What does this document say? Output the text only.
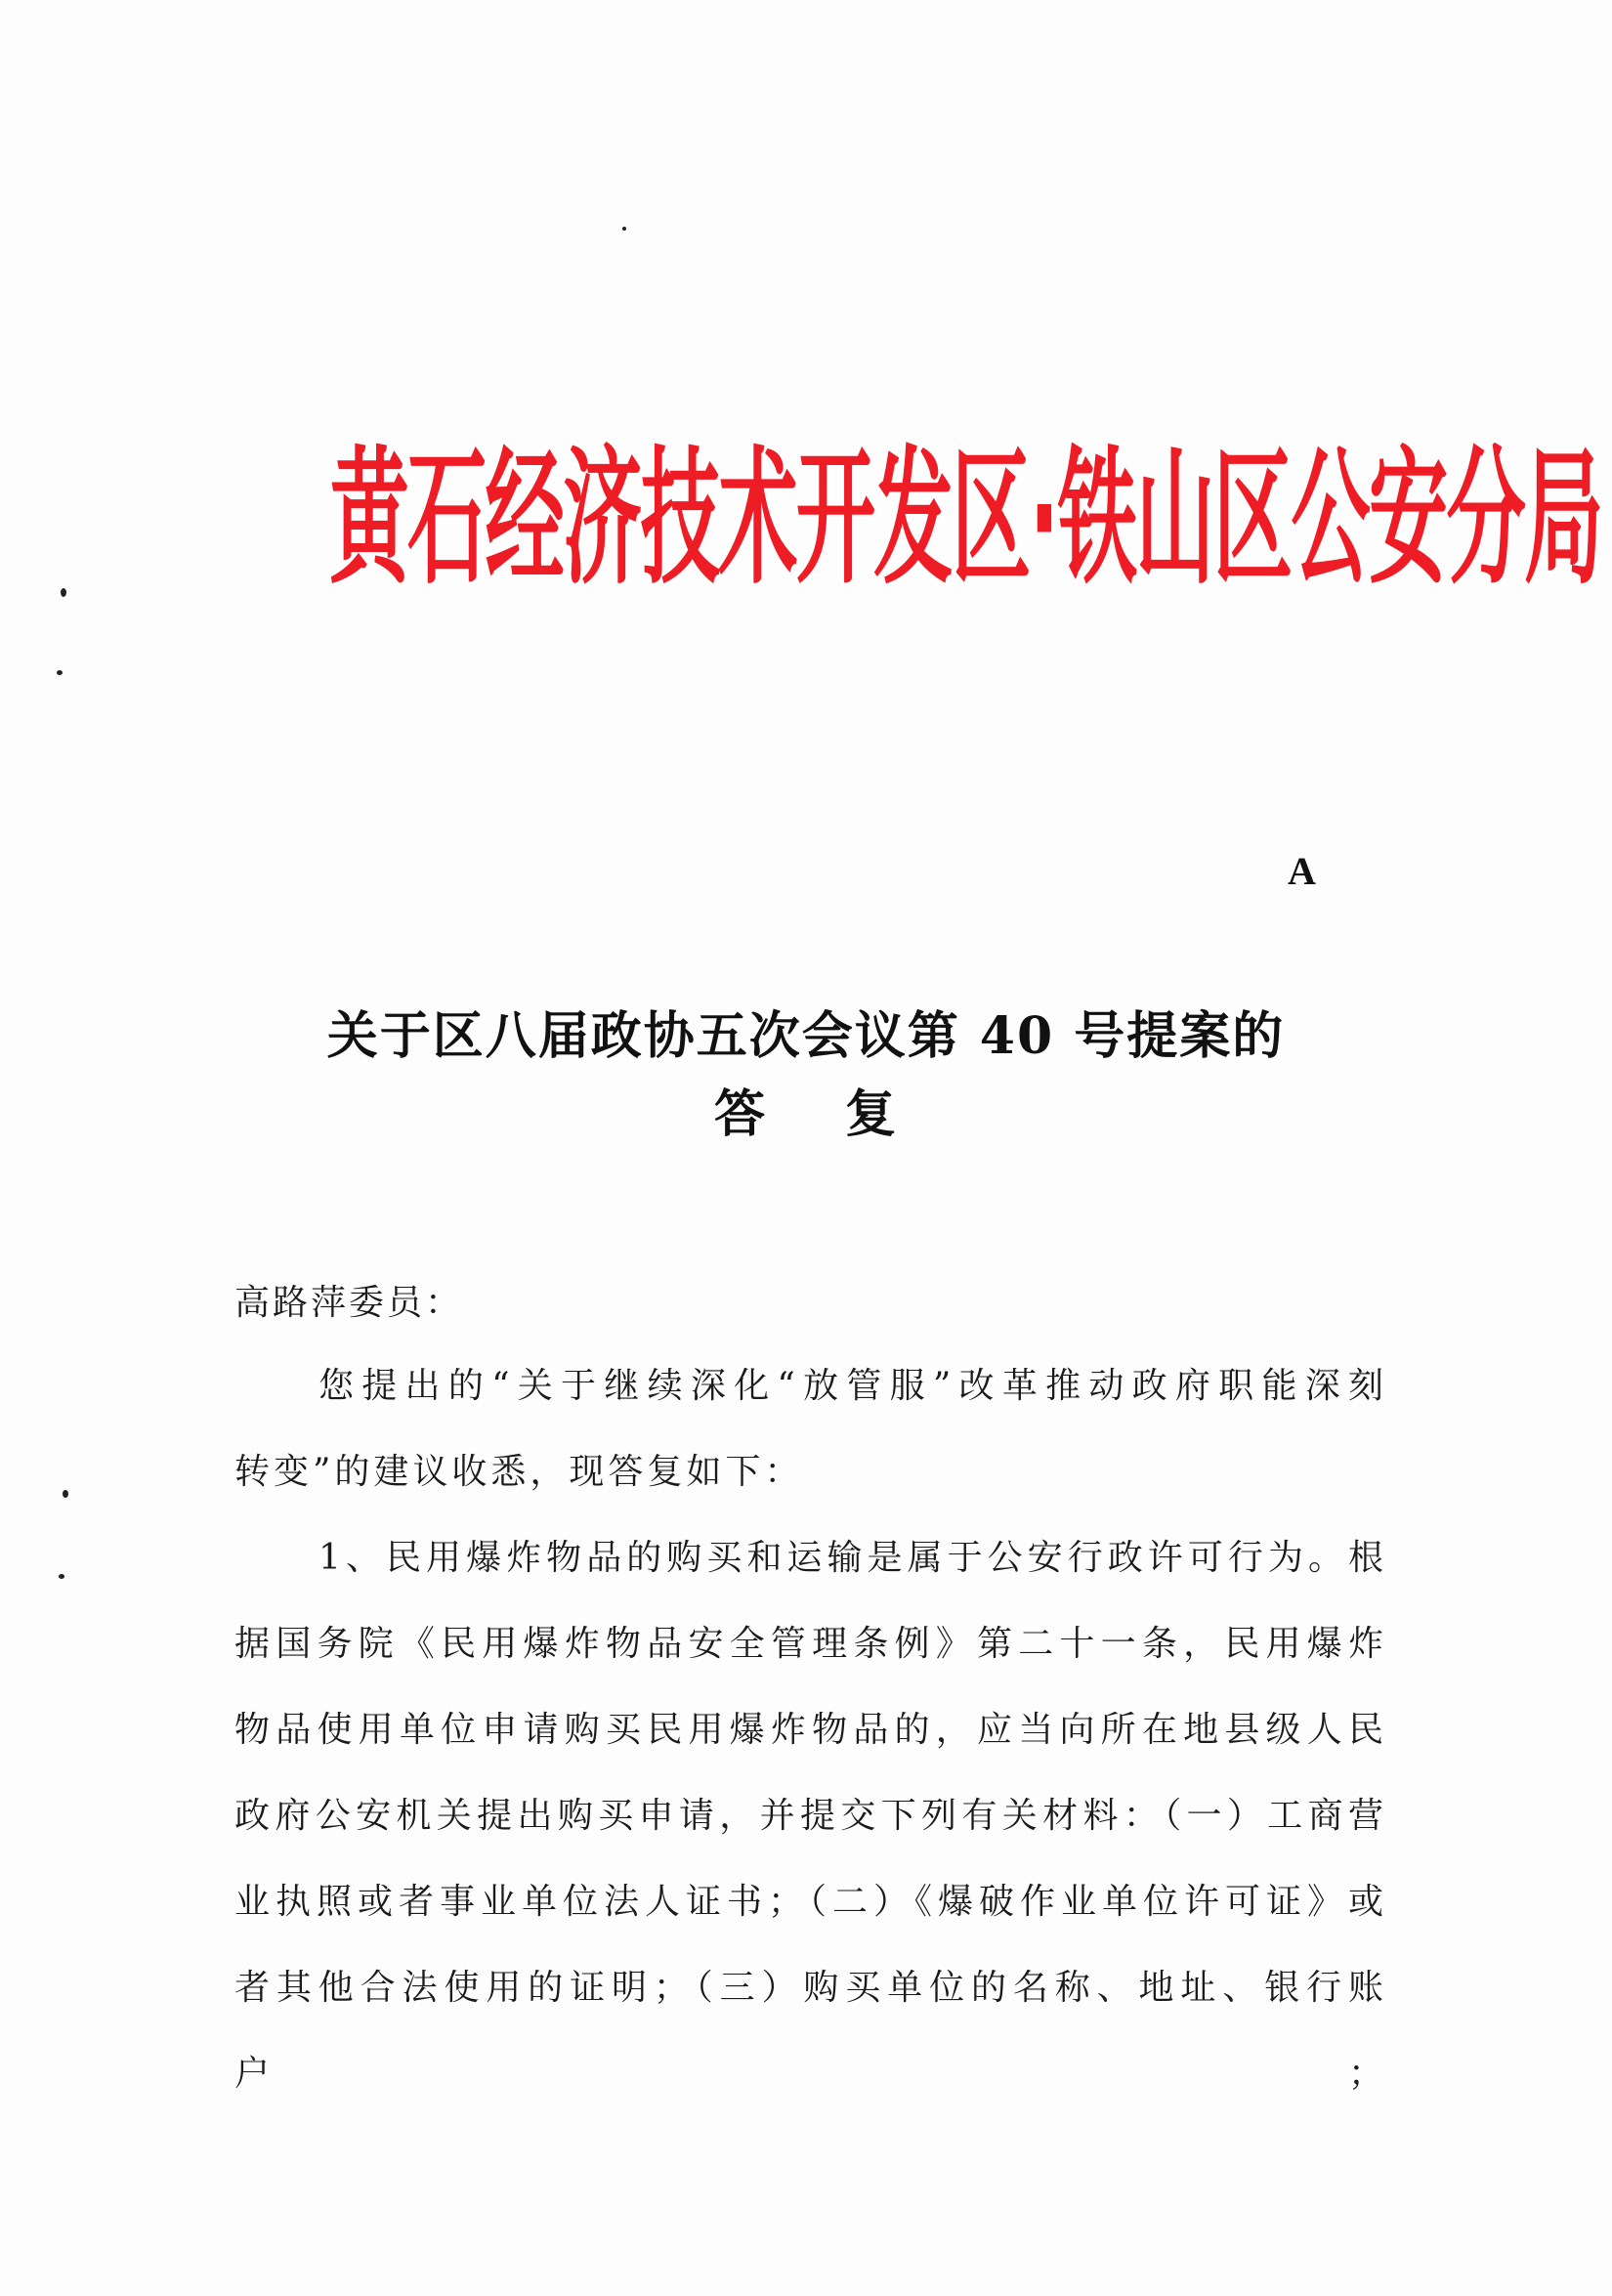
黄石经济技术开发区·铁山区公安分局
A
关于区八届政协五次会议第 40 号提案的
答 复
高路萍委员：
您提出的“关于继续深化“放管服”改革推动政府职能深刻
转变”的建议收悉，现答复如下：
1、民用爆炸物品的购买和运输是属于公安行政许可行为。根
据国务院《民用爆炸物品安全管理条例》第二十一条，民用爆炸
物品使用单位申请购买民用爆炸物品的，应当向所在地县级人民
政府公安机关提出购买申请，并提交下列有关材料：（一）工商营
业执照或者事业单位法人证书；（二）《爆破作业单位许可证》或
者其他合法使用的证明；（三）购买单位的名称、地址、银行账户；
